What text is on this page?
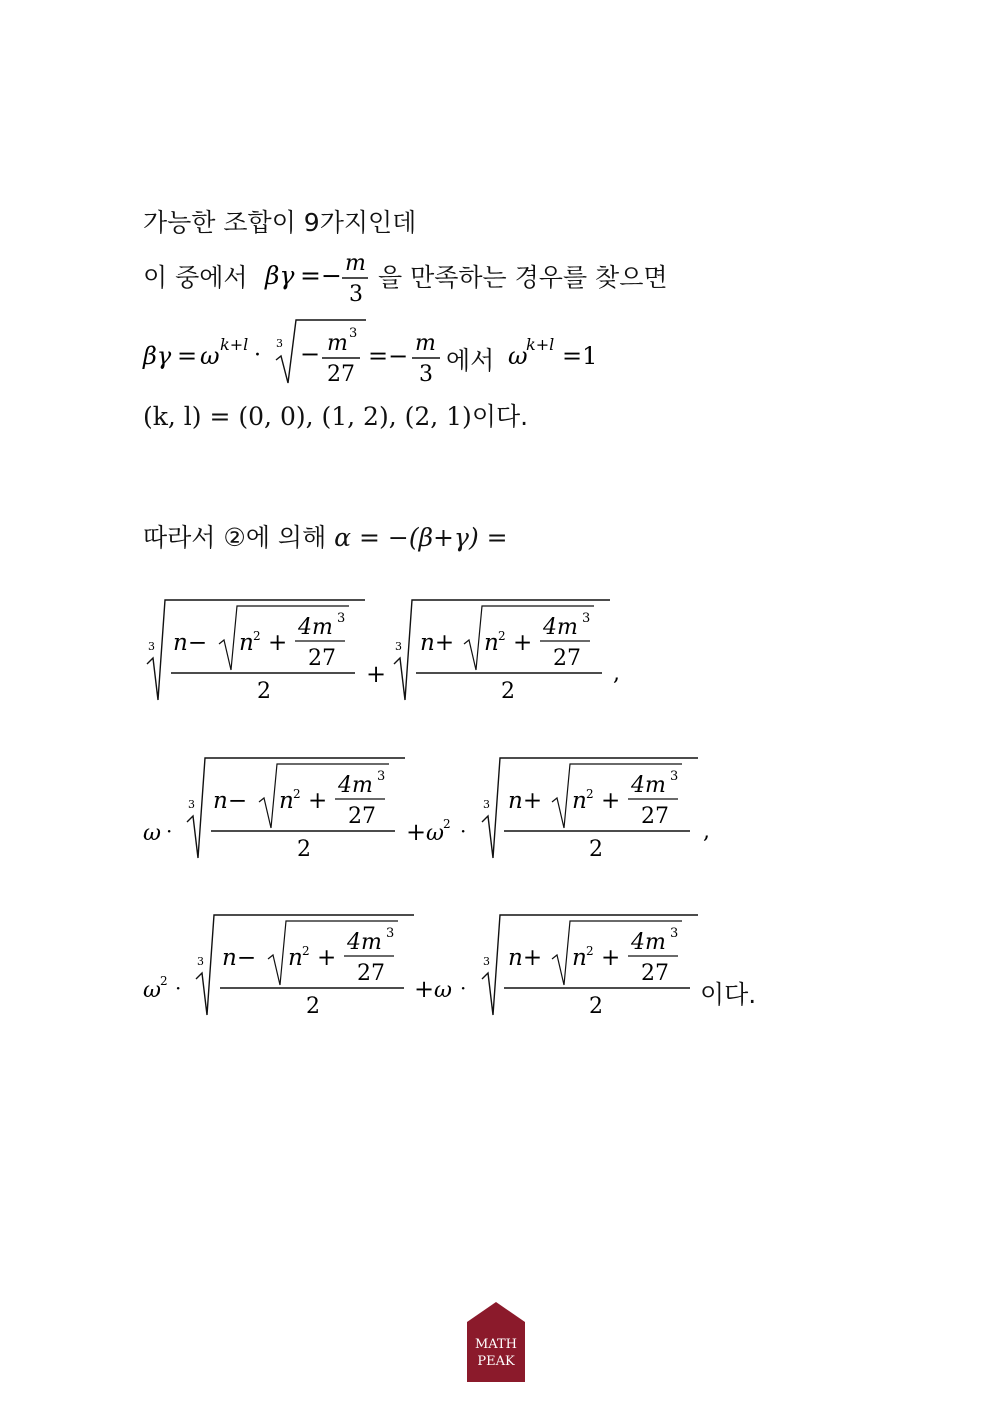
가능한 조합이 9가지인데
이 중에서 βγ =− m
3
을 만족하는 경우를 찾으면
βγ = ω k+l · 3 − m 3
27
=− m
3
ω
k+l =1
에서
(k, l) = (0, 0), (1, 2), (2, 1)이다.
따라서 ②에 의해 α = −(β+γ) =
3 n− n 2 +
4m 3
27
2
+
3 n+ n 2 +
4m 3
27
2
,
ω ·
3 n− n 2 +
4m 3
27
2
+ ω 2 ·
3 n+ n 2 +
4m 3
27
2
,
ω 2 ·
3 n− n 2 +
4m 3
27
2
+ ω ·
3 n+ n 2 +
4m 3
27
2	이다.
MATH
PEAK
